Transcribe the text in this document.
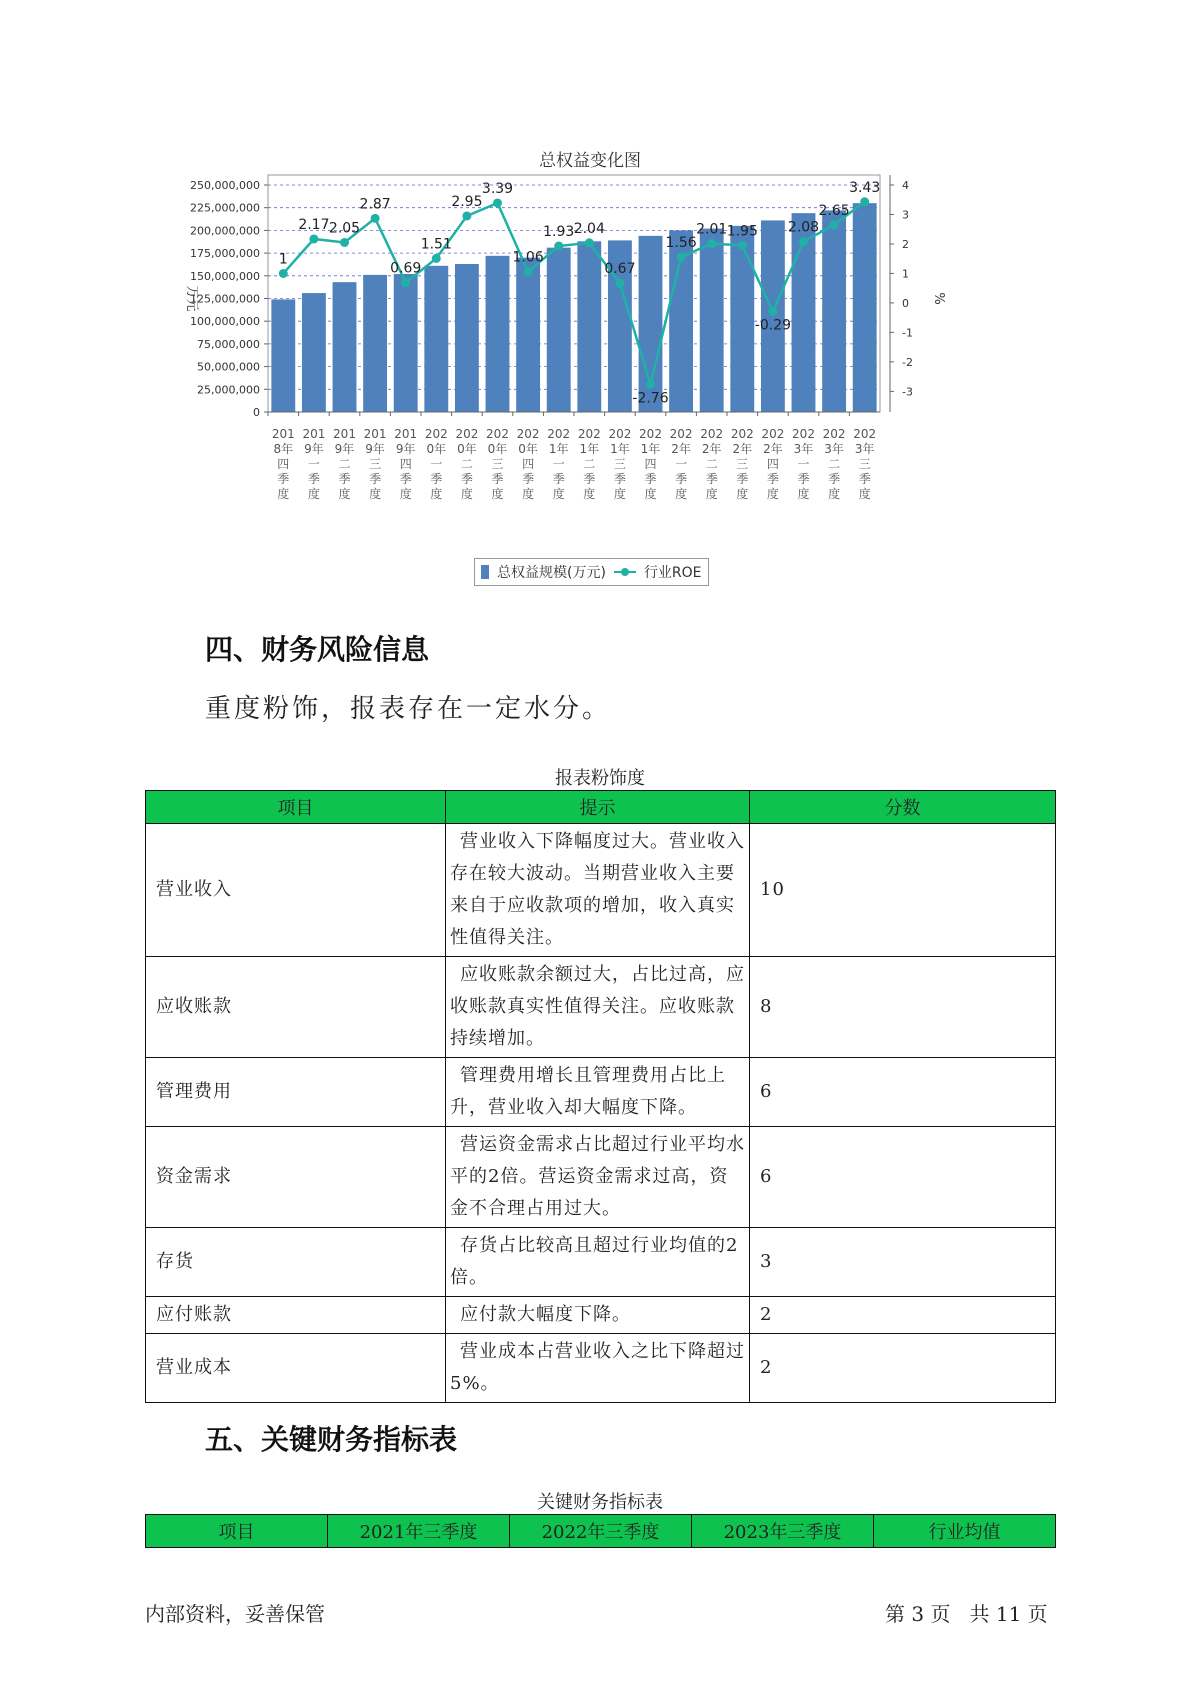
总权益变化图
250,000,000
225,000,000
200,000,000
175,000,000
150,000,000
125,000,000
100,000,000
75,000,000
50,000,000
25,000,000
0
4
3
2
1
0
-1
-2
-3
万元	%
201
8年
四
季
度
201
9年
一
季
度
201
9年
二
季
度
201
9年
三
季
度
201
9年
四
季
度
202
0年
一
季
度
202
0年
二
季
度
202
0年
三
季
度
202
0年
四
季
度
202
1年
一
季
度
202
1年
二
季
度
202
1年
三
季
度
202
1年
四
季
度
202
2年
一
季
度
202
2年
二
季
度
202
2年
三
季
度
202
2年
四
季
度
202
3年
一
季
度
202
3年
二
季
度
202
3年
三
季
度
1
2.17 2.05
2.87
0.69
1.51
2.95
3.39
1.06
1.93 2.04
0.67
-2.76
1.56
2.01 1.95
-0.29
2.08
2.65
3.43
总权益规模(万元)	行业ROE
四、财务风险信息
重度粉饰，报表存在一定水分。
报表粉饰度
项目	提示	分数
营业收入	营业收入下降幅度过大。营业收入存在较大波动。当期营业收入主要来自于应收款项的增加，收入真实性值得关注。	10
应收账款	应收账款余额过大，占比过高，应收账款真实性值得关注。应收账款持续增加。	8
管理费用	管理费用增长且管理费用占比上升，营业收入却大幅度下降。	6
资金需求	营运资金需求占比超过行业平均水平的2倍。营运资金需求过高，资金不合理占用过大。	6
存货	存货占比较高且超过行业均值的2倍。	3
应付账款	应付款大幅度下降。	2
营业成本	营业成本占营业收入之比下降超过5%。	2
五、关键财务指标表
关键财务指标表
项目	2021年三季度	2022年三季度	2023年三季度	行业均值
内部资料，妥善保管	第 3 页   共 11 页
